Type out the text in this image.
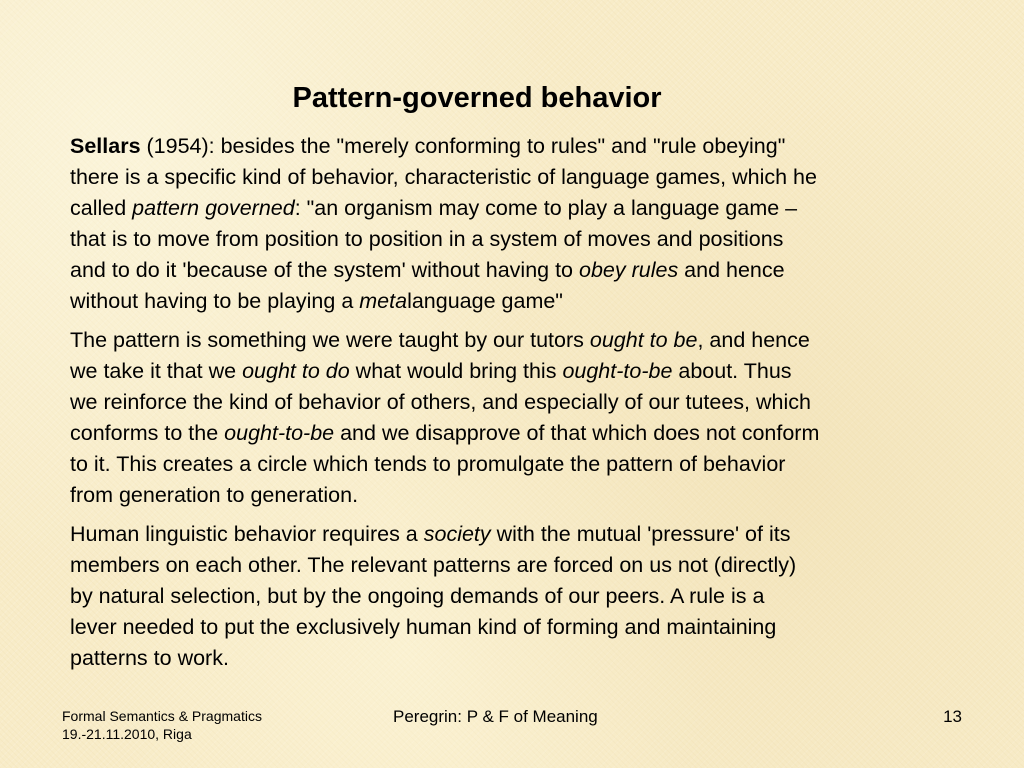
Pattern-governed behavior

Sellars (1954): besides the "merely conforming to rules" and "rule obeying"
there is a specific kind of behavior, characteristic of language games, which he
called pattern governed: "an organism may come to play a language game –
that is to move from position to position in a system of moves and positions
and to do it 'because of the system' without having to obey rules and hence
without having to be playing a metalanguage game"

The pattern is something we were taught by our tutors ought to be, and hence
we take it that we ought to do what would bring this ought-to-be about. Thus
we reinforce the kind of behavior of others, and especially of our tutees, which
conforms to the ought-to-be and we disapprove of that which does not conform
to it. This creates a circle which tends to promulgate the pattern of behavior
from generation to generation.

Human linguistic behavior requires a society with the mutual 'pressure' of its
members on each other. The relevant patterns are forced on us not (directly)
by natural selection, but by the ongoing demands of our peers. A rule is a
lever needed to put the exclusively human kind of forming and maintaining
patterns to work.

Formal Semantics & Pragmatics
19.-21.11.2010, Riga
Peregrin: P & F of Meaning	13
